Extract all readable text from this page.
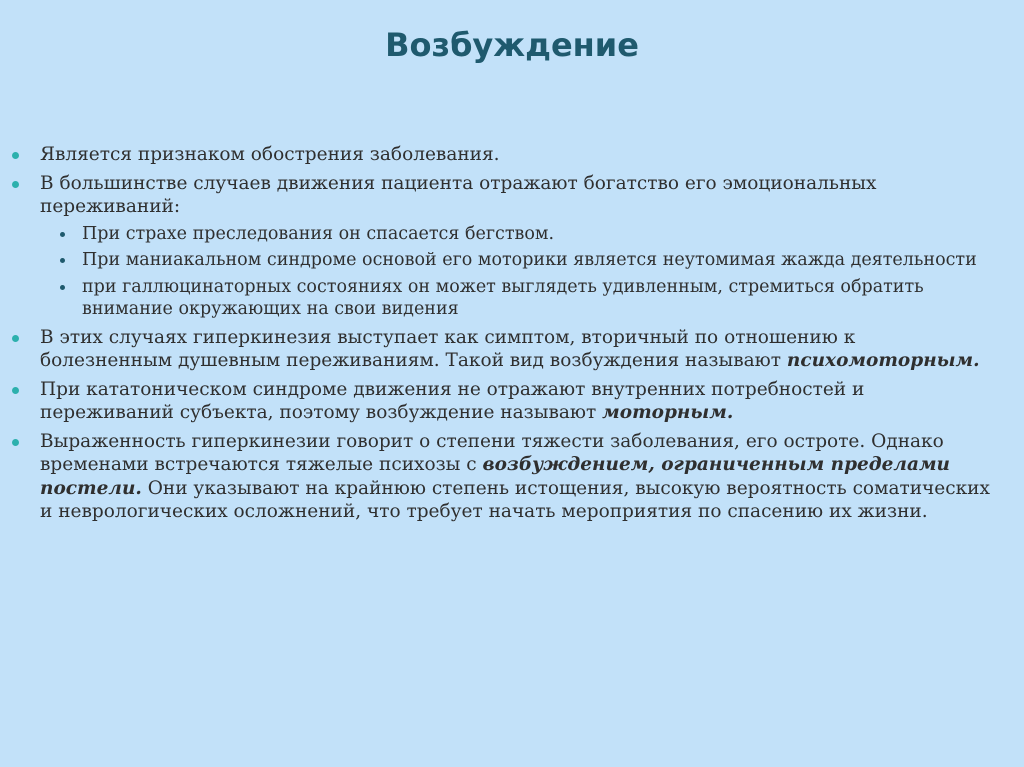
Возбуждение
Является признаком обострения заболевания.
В большинстве случаев движения пациента отражают богатство его эмоциональных переживаний:
При страхе преследования он спасается бегством.
При маниакальном синдроме основой его моторики является неутомимая жажда деятельности
при галлюцинаторных состояниях он может выглядеть удивленным, стремиться обратить внимание окружающих на свои видения
В этих случаях гиперкинезия выступает как симптом, вторичный по отношению к болезненным душевным переживаниям. Такой вид возбуждения называют психомоторным.
При кататоническом синдроме движения не отражают внутренних потребностей и переживаний субъекта, поэтому возбуждение называют моторным.
Выраженность гиперкинезии говорит о степени тяжести заболевания, его остроте. Однако временами встречаются тяжелые психозы с возбуждением, ограниченным пределами постели. Они указывают на крайнюю степень истощения, высокую вероятность соматических и неврологических осложнений, что требует начать мероприятия по спасению их жизни.
